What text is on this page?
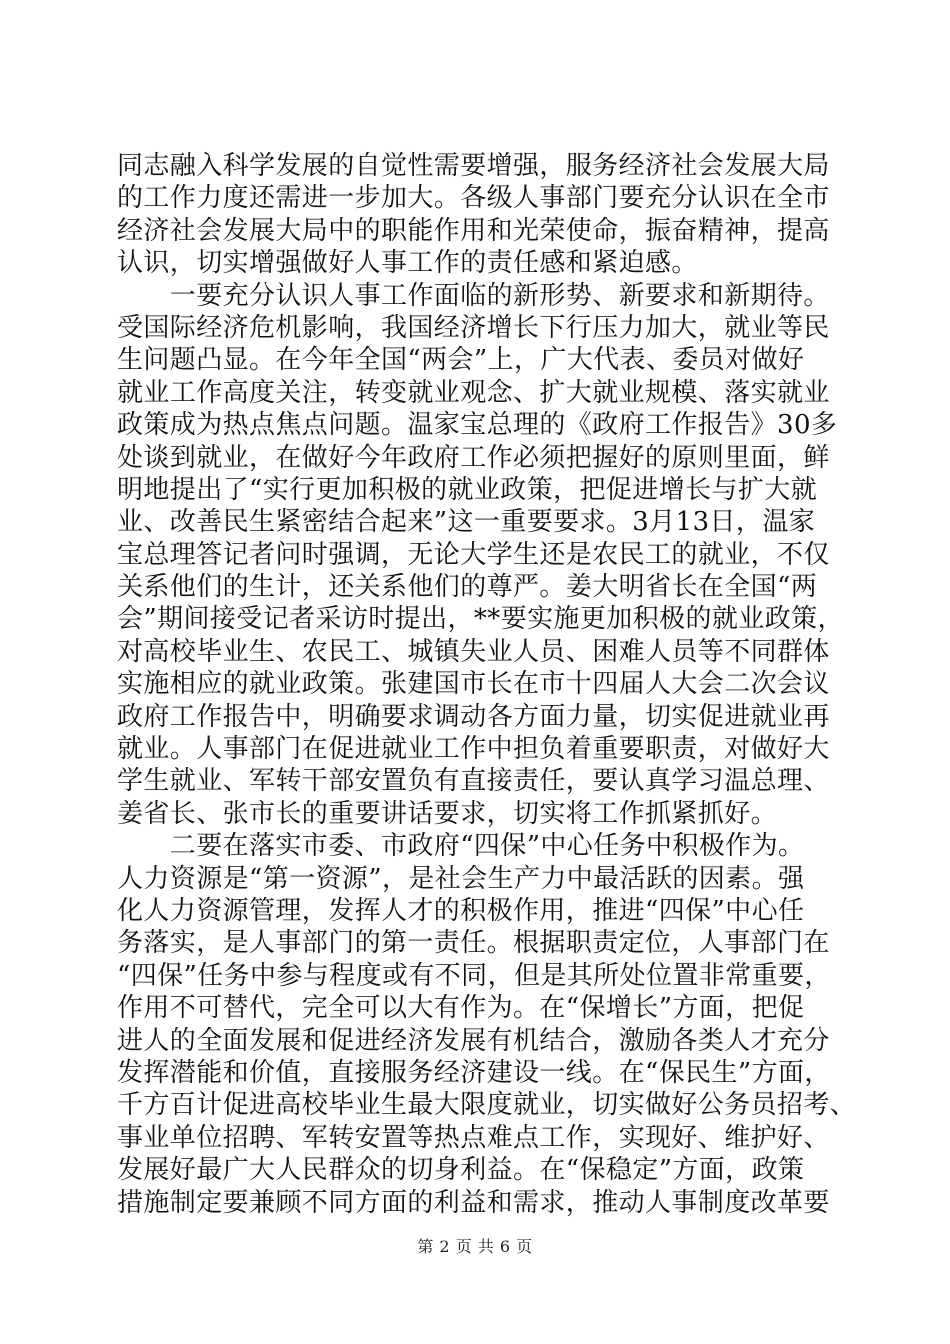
同志融入科学发展的自觉性需要增强，服务经济社会发展大局
的工作力度还需进一步加大。各级人事部门要充分认识在全市
经济社会发展大局中的职能作用和光荣使命，振奋精神，提高
认识，切实增强做好人事工作的责任感和紧迫感。
　　一要充分认识人事工作面临的新形势、新要求和新期待。
受国际经济危机影响，我国经济增长下行压力加大，就业等民
生问题凸显。在今年全国“两会”上，广大代表、委员对做好
就业工作高度关注，转变就业观念、扩大就业规模、落实就业
政策成为热点焦点问题。温家宝总理的《政府工作报告》30多
处谈到就业，在做好今年政府工作必须把握好的原则里面，鲜
明地提出了“实行更加积极的就业政策，把促进增长与扩大就
业、改善民生紧密结合起来”这一重要要求。3月13日，温家
宝总理答记者问时强调，无论大学生还是农民工的就业，不仅
关系他们的生计，还关系他们的尊严。姜大明省长在全国“两
会”期间接受记者采访时提出，**要实施更加积极的就业政策，
对高校毕业生、农民工、城镇失业人员、困难人员等不同群体
实施相应的就业政策。张建国市长在市十四届人大会二次会议
政府工作报告中，明确要求调动各方面力量，切实促进就业再
就业。人事部门在促进就业工作中担负着重要职责，对做好大
学生就业、军转干部安置负有直接责任，要认真学习温总理、
姜省长、张市长的重要讲话要求，切实将工作抓紧抓好。
　　二要在落实市委、市政府“四保”中心任务中积极作为。
人力资源是“第一资源”，是社会生产力中最活跃的因素。强
化人力资源管理，发挥人才的积极作用，推进“四保”中心任
务落实，是人事部门的第一责任。根据职责定位，人事部门在
“四保”任务中参与程度或有不同，但是其所处位置非常重要，
作用不可替代，完全可以大有作为。在“保增长”方面，把促
进人的全面发展和促进经济发展有机结合，激励各类人才充分
发挥潜能和价值，直接服务经济建设一线。在“保民生”方面，
千方百计促进高校毕业生最大限度就业，切实做好公务员招考、
事业单位招聘、军转安置等热点难点工作，实现好、维护好、
发展好最广大人民群众的切身利益。在“保稳定”方面，政策
措施制定要兼顾不同方面的利益和需求，推动人事制度改革要
第 2 页 共 6 页
